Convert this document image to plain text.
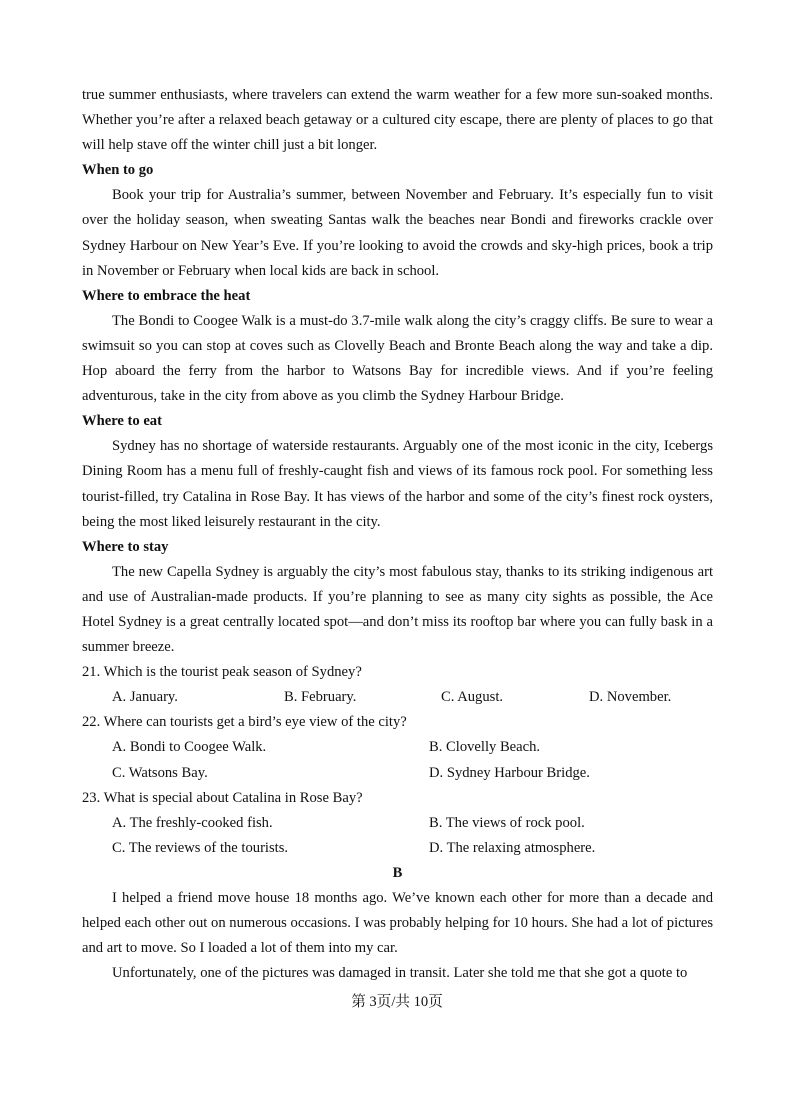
true summer enthusiasts, where travelers can extend the warm weather for a few more sun-soaked months. Whether you’re after a relaxed beach getaway or a cultured city escape, there are plenty of places to go that will help stave off the winter chill just a bit longer.

When to go

Book your trip for Australia’s summer, between November and February. It’s especially fun to visit over the holiday season, when sweating Santas walk the beaches near Bondi and fireworks crackle over Sydney Harbour on New Year’s Eve. If you’re looking to avoid the crowds and sky-high prices, book a trip in November or February when local kids are back in school.

Where to embrace the heat

The Bondi to Coogee Walk is a must-do 3.7-mile walk along the city’s craggy cliffs. Be sure to wear a swimsuit so you can stop at coves such as Clovelly Beach and Bronte Beach along the way and take a dip. Hop aboard the ferry from the harbor to Watsons Bay for incredible views. And if you’re feeling adventurous, take in the city from above as you climb the Sydney Harbour Bridge.

Where to eat

Sydney has no shortage of waterside restaurants. Arguably one of the most iconic in the city, Icebergs Dining Room has a menu full of freshly-caught fish and views of its famous rock pool. For something less tourist-filled, try Catalina in Rose Bay. It has views of the harbor and some of the city’s finest rock oysters, being the most liked leisurely restaurant in the city.

Where to stay

The new Capella Sydney is arguably the city’s most fabulous stay, thanks to its striking indigenous art and use of Australian-made products. If you’re planning to see as many city sights as possible, the Ace Hotel Sydney is a great centrally located spot—and don’t miss its rooftop bar where you can fully bask in a summer breeze.

21. Which is the tourist peak season of Sydney?

A. January.	B. February.	C. August.	D. November.

22. Where can tourists get a bird’s eye view of the city?

A. Bondi to Coogee Walk.	B. Clovelly Beach.
C. Watsons Bay.	D. Sydney Harbour Bridge.

23. What is special about Catalina in Rose Bay?

A. The freshly-cooked fish.	B. The views of rock pool.
C. The reviews of the tourists.	D. The relaxing atmosphere.

B

I helped a friend move house 18 months ago. We’ve known each other for more than a decade and helped each other out on numerous occasions. I was probably helping for 10 hours. She had a lot of pictures and art to move. So I loaded a lot of them into my car.

Unfortunately, one of the pictures was damaged in transit. Later she told me that she got a quote to

第 3页/共 10页
